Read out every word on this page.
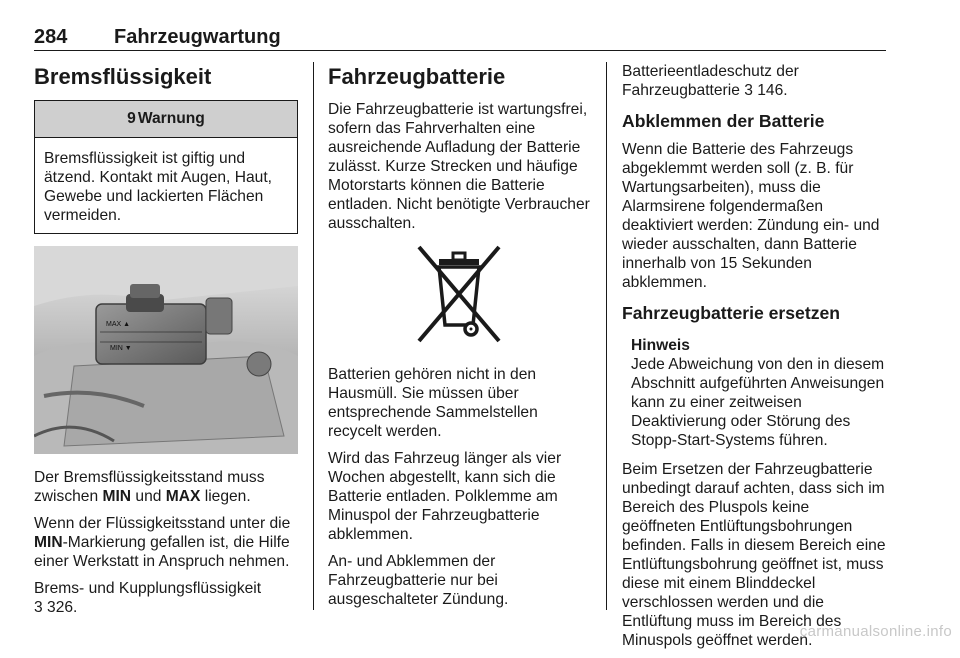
284 Fahrzeugwartung
Bremsflüssigkeit
9 Warnung
Bremsflüssigkeit ist giftig und ätzend. Kontakt mit Augen, Haut, Gewebe und lackierten Flächen vermeiden.
MAX ▲
MIN ▼

Der Bremsflüssigkeitsstand muss zwischen MIN und MAX liegen.

Wenn der Flüssigkeitsstand unter die MIN-Markierung gefallen ist, die Hilfe einer Werkstatt in Anspruch nehmen.

Brems- und Kupplungsflüssigkeit
3 326.

Fahrzeugbatterie

Die Fahrzeugbatterie ist wartungsfrei, sofern das Fahrverhalten eine ausreichende Aufladung der Batterie zulässt. Kurze Strecken und häufige Motorstarts können die Batterie entladen. Nicht benötigte Verbraucher ausschalten.

Batterien gehören nicht in den Hausmüll. Sie müssen über entsprechende Sammelstellen recycelt werden.

Wird das Fahrzeug länger als vier Wochen abgestellt, kann sich die Batterie entladen. Polklemme am Minuspol der Fahrzeugbatterie abklemmen.

An- und Abklemmen der Fahrzeugbatterie nur bei ausgeschalteter Zündung.

Batterieentladeschutz der Fahrzeugbatterie 3 146.

Abklemmen der Batterie

Wenn die Batterie des Fahrzeugs abgeklemmt werden soll (z. B. für Wartungsarbeiten), muss die Alarmsirene folgendermaßen deaktiviert werden: Zündung ein- und wieder ausschalten, dann Batterie innerhalb von 15 Sekunden abklemmen.

Fahrzeugbatterie ersetzen
Hinweis
Jede Abweichung von den in diesem Abschnitt aufgeführten Anweisungen kann zu einer zeitweisen Deaktivierung oder Störung des Stopp-Start-Systems führen.

Beim Ersetzen der Fahrzeugbatterie unbedingt darauf achten, dass sich im Bereich des Pluspols keine geöffneten Entlüftungsbohrungen befinden. Falls in diesem Bereich eine Entlüftungsbohrung geöffnet ist, muss diese mit einem Blinddeckel verschlossen werden und die Entlüftung muss im Bereich des Minuspols geöffnet werden.

carmanualsonline.info
